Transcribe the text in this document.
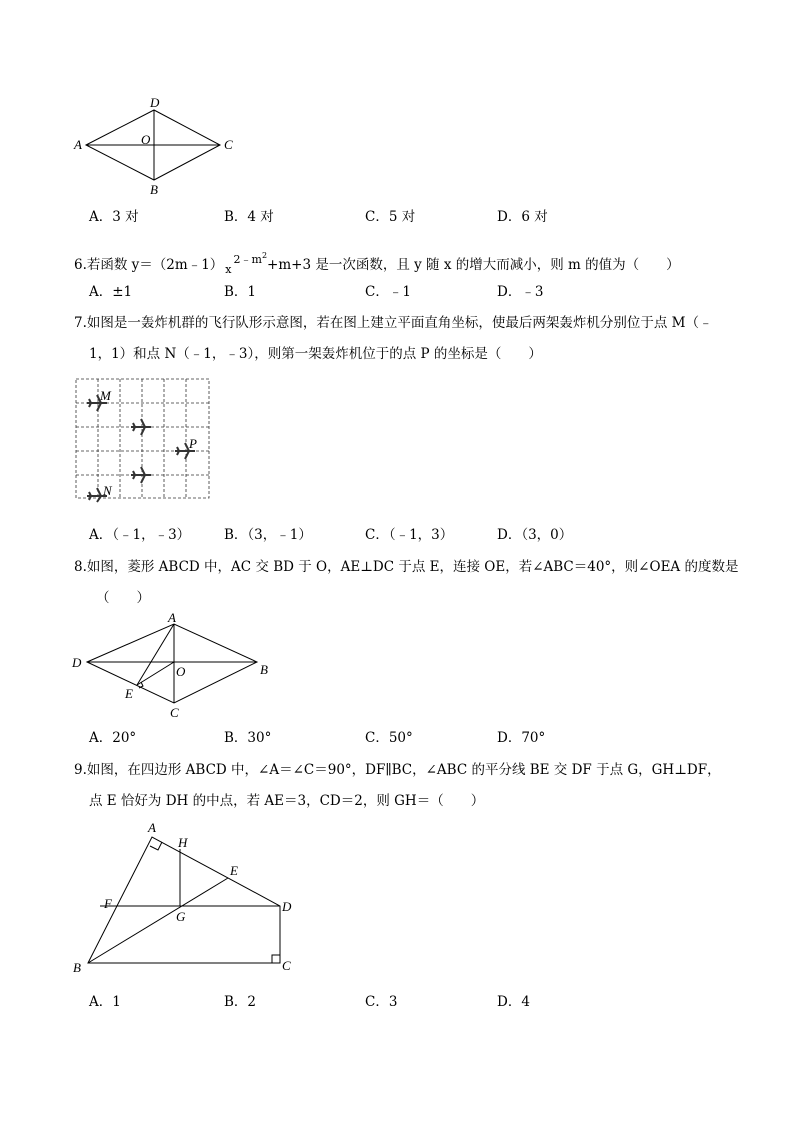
D
A	O	C
B
A．3 对	B．4 对	C．5 对	D．6 对
6.若函数 y＝（2m﹣1） $_x^{2﹣m^2}$+m+3 是一次函数，且 y 随 x 的增大而减小，则 m 的值为（　　）
A．±1	B．1	C．﹣1	D．﹣3
7.如图是一轰炸机群的飞行队形示意图，若在图上建立平面直角坐标，使最后两架轰炸机分别位于点 M（﹣
1，1）和点 N（﹣1，﹣3），则第一架轰炸机位于的点 P 的坐标是（　　）
M
P
N
A．（﹣1，﹣3）	B．（3，﹣1）	C．（﹣1，3）	D．（3，0）
8.如图，菱形 ABCD 中，AC 交 BD 于 O，AE⊥DC 于点 E，连接 OE，若∠ABC＝40°，则∠OEA 的度数是
（　　）
A
D
O	B
E
C
A．20°	B．30°	C．50°	D．70°
9.如图，在四边形 ABCD 中，∠A＝∠C＝90°，DF∥BC，∠ABC 的平分线 BE 交 DF 于点 G，GH⊥DF，
点 E 恰好为 DH 的中点，若 AE＝3，CD＝2，则 GH＝（　　）
A
H
E
F
G
D
B	C
A．1	B．2	C．3	D．4
